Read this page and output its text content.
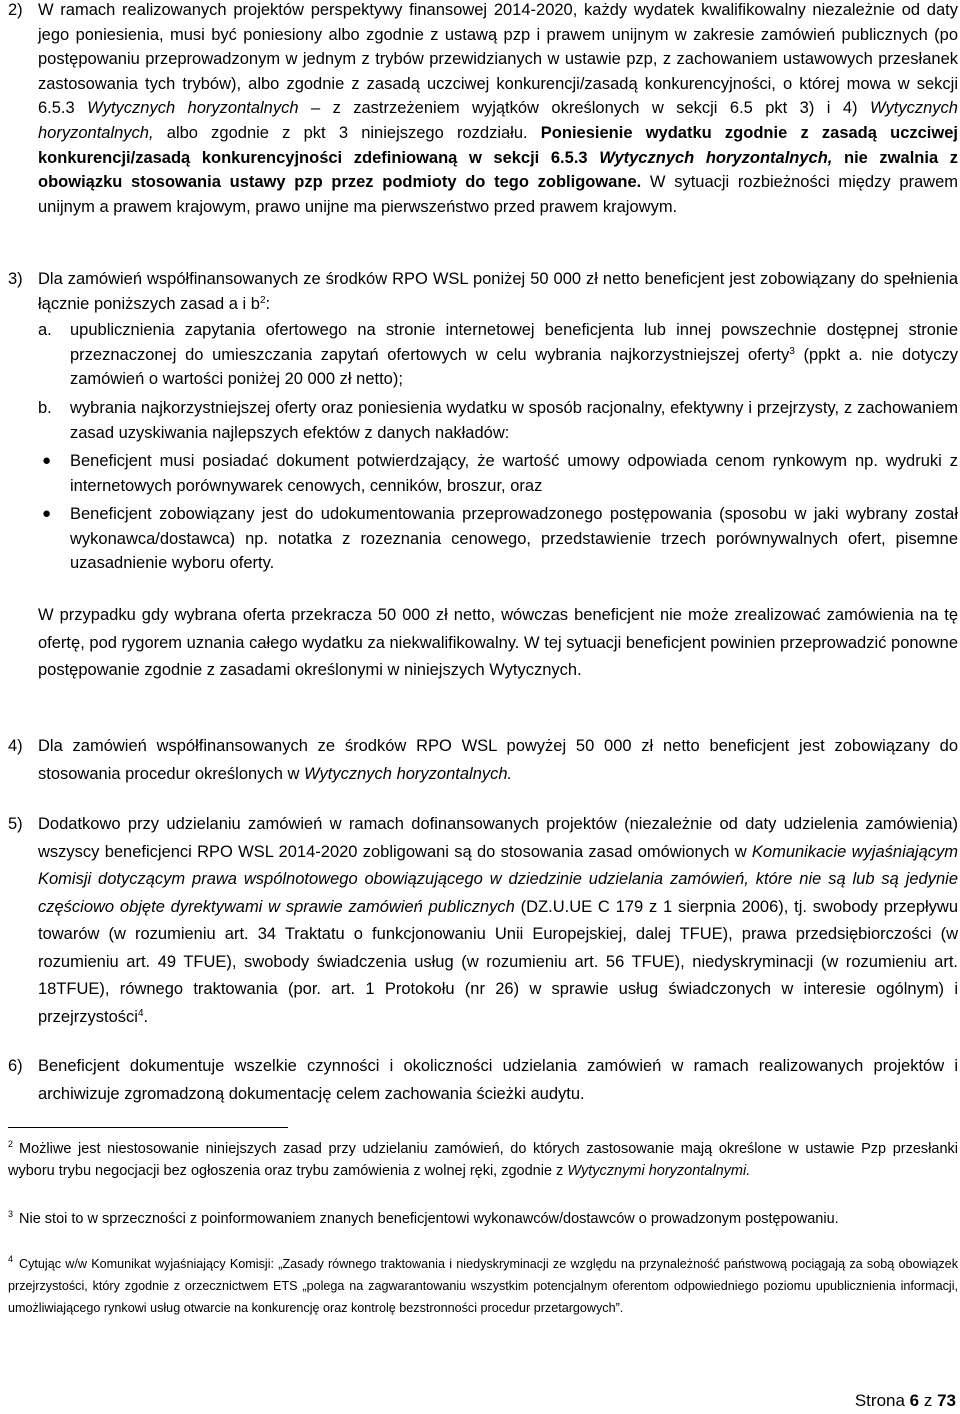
2) W ramach realizowanych projektów perspektywy finansowej 2014-2020, każdy wydatek kwalifikowalny niezależnie od daty jego poniesienia, musi być poniesiony albo zgodnie z ustawą pzp i prawem unijnym w zakresie zamówień publicznych (po postępowaniu przeprowadzonym w jednym z trybów przewidzianych w ustawie pzp, z zachowaniem ustawowych przesłanek zastosowania tych trybów), albo zgodnie z zasadą uczciwej konkurencji/zasadą konkurencyjności, o której mowa w sekcji 6.5.3 Wytycznych horyzontalnych – z zastrzeżeniem wyjątków określonych w sekcji 6.5 pkt 3) i 4) Wytycznych horyzontalnych, albo zgodnie z pkt 3 niniejszego rozdziału. Poniesienie wydatku zgodnie z zasadą uczciwej konkurencji/zasadą konkurencyjności zdefiniowaną w sekcji 6.5.3 Wytycznych horyzontalnych, nie zwalnia z obowiązku stosowania ustawy pzp przez podmioty do tego zobligowane. W sytuacji rozbieżności między prawem unijnym a prawem krajowym, prawo unijne ma pierwszeństwo przed prawem krajowym.
3) Dla zamówień współfinansowanych ze środków RPO WSL poniżej 50 000 zł netto beneficjent jest zobowiązany do spełnienia łącznie poniższych zasad a i $b^2$:
a. upublicznienia zapytania ofertowego na stronie internetowej beneficjenta lub innej powszechnie dostępnej stronie przeznaczonej do umieszczania zapytań ofertowych w celu wybrania najkorzystniejszej oferty$^3$ (ppkt a. nie dotyczy zamówień o wartości poniżej 20 000 zł netto);
b. wybrania najkorzystniejszej oferty oraz poniesienia wydatku w sposób racjonalny, efektywny i przejrzysty, z zachowaniem zasad uzyskiwania najlepszych efektów z danych nakładów:
● Beneficjent musi posiadać dokument potwierdzający, że wartość umowy odpowiada cenom rynkowym np. wydruki z internetowych porównywarek cenowych, cenników, broszur, oraz
● Beneficjent zobowiązany jest do udokumentowania przeprowadzonego postępowania (sposobu w jaki wybrany został wykonawca/dostawca) np. notatka z rozeznania cenowego, przedstawienie trzech porównywalnych ofert, pisemne uzasadnienie wyboru oferty.
W przypadku gdy wybrana oferta przekracza 50 000 zł netto, wówczas beneficjent nie może zrealizować zamówienia na tę ofertę, pod rygorem uznania całego wydatku za niekwalifikowalny. W tej sytuacji beneficjent powinien przeprowadzić ponowne postępowanie zgodnie z zasadami określonymi w niniejszych Wytycznych.
4) Dla zamówień współfinansowanych ze środków RPO WSL powyżej 50 000 zł netto beneficjent jest zobowiązany do stosowania procedur określonych w Wytycznych horyzontalnych.
5) Dodatkowo przy udzielaniu zamówień w ramach dofinansowanych projektów (niezależnie od daty udzielenia zamówienia) wszyscy beneficjenci RPO WSL 2014-2020 zobligowani są do stosowania zasad omówionych w Komunikacie wyjaśniającym Komisji dotyczącym prawa wspólnotowego obowiązującego w dziedzinie udzielania zamówień, które nie są lub są jedynie częściowo objęte dyrektywami w sprawie zamówień publicznych (DZ.U.UE C 179 z 1 sierpnia 2006), tj. swobody przepływu towarów (w rozumieniu art. 34 Traktatu o funkcjonowaniu Unii Europejskiej, dalej TFUE), prawa przedsiębiorczości (w rozumieniu art. 49 TFUE), swobody świadczenia usług (w rozumieniu art. 56 TFUE), niedyskryminacji (w rozumieniu art. 18TFUE), równego traktowania (por. art. 1 Protokołu (nr 26) w sprawie usług świadczonych w interesie ogólnym) i przejrzystości$^4$.
6) Beneficjent dokumentuje wszelkie czynności i okoliczności udzielania zamówień w ramach realizowanych projektów i archiwizuje zgromadzoną dokumentację celem zachowania ścieżki audytu.
$^2$ Możliwe jest niestosowanie niniejszych zasad przy udzielaniu zamówień, do których zastosowanie mają określone w ustawie Pzp przesłanki wyboru trybu negocjacji bez ogłoszenia oraz trybu zamówienia z wolnej ręki, zgodnie z Wytycznymi horyzontalnymi.
$^3$ Nie stoi to w sprzeczności z poinformowaniem znanych beneficjentowi wykonawców/dostawców o prowadzonym postępowaniu.
$^4$ Cytując w/w Komunikat wyjaśniający Komisji: „Zasady równego traktowania i niedyskryminacji ze względu na przynależność państwową pociągają za sobą obowiązek przejrzystości, który zgodnie z orzecznictwem ETS „polega na zagwarantowaniu wszystkim potencjalnym oferentom odpowiedniego poziomu upublicznienia informacji, umożliwiającego rynkowi usług otwarcie na konkurencję oraz kontrolę bezstronności procedur przetargowych”.
Strona 6 z 73
